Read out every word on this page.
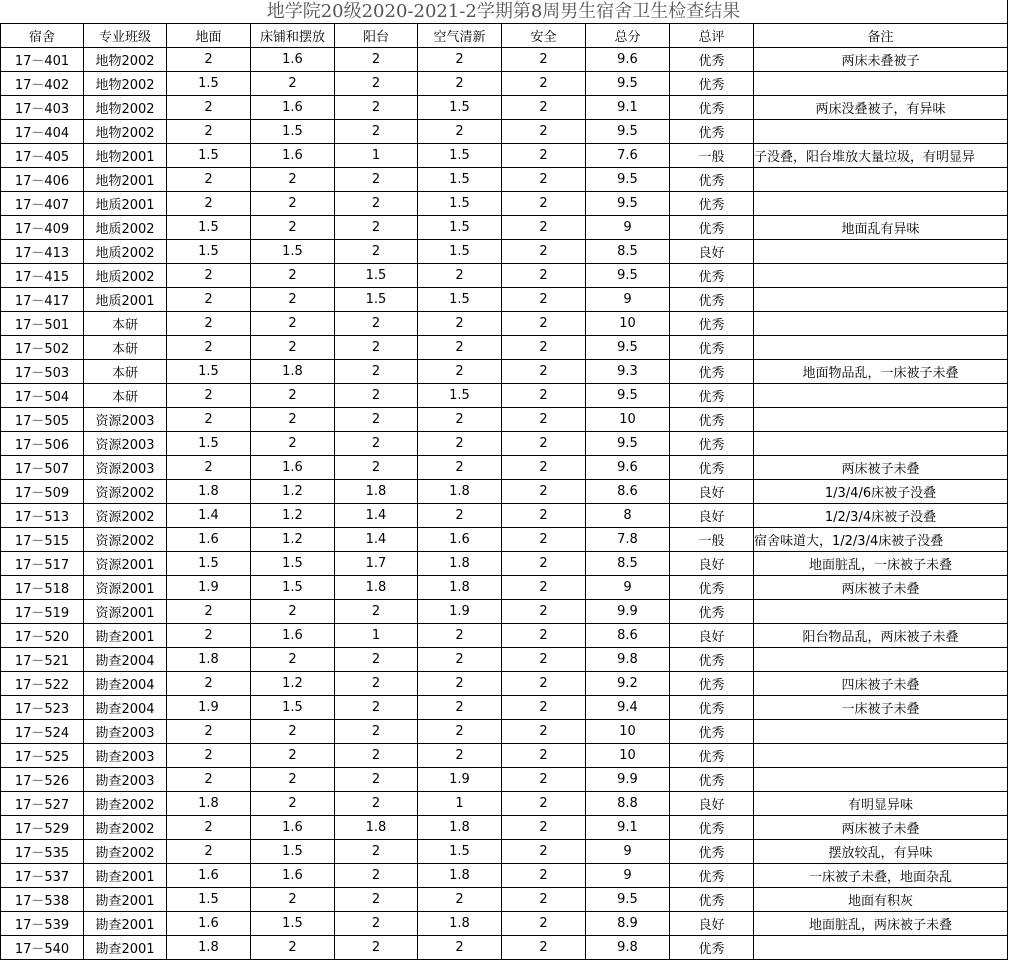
地学院20级2020-2021-2学期第8周男生宿舍卫生检查结果
宿舍	专业班级	地面	床铺和摆放	阳台	空气清新	安全	总分	总评	备注
17－401	地物2002	2	1.6	2	2	2	9.6	优秀	两床未叠被子
17－402	地物2002	1.5	2	2	2	2	9.5	优秀	
17－403	地物2002	2	1.6	2	1.5	2	9.1	优秀	两床没叠被子，有异味
17－404	地物2002	2	1.5	2	2	2	9.5	优秀	
17－405	地物2001	1.5	1.6	1	1.5	2	7.6	一般	子没叠，阳台堆放大量垃圾，有明显异
17－406	地物2001	2	2	2	1.5	2	9.5	优秀	
17－407	地质2001	2	2	2	1.5	2	9.5	优秀	
17－409	地质2002	1.5	2	2	1.5	2	9	优秀	地面乱有异味
17－413	地质2002	1.5	1.5	2	1.5	2	8.5	良好	
17－415	地质2002	2	2	1.5	2	2	9.5	优秀	
17－417	地质2001	2	2	1.5	1.5	2	9	优秀	
17－501	本研	2	2	2	2	2	10	优秀	
17－502	本研	2	2	2	2	2	9.5	优秀	
17－503	本研	1.5	1.8	2	2	2	9.3	优秀	地面物品乱，一床被子未叠
17－504	本研	2	2	2	1.5	2	9.5	优秀	
17－505	资源2003	2	2	2	2	2	10	优秀	
17－506	资源2003	1.5	2	2	2	2	9.5	优秀	
17－507	资源2003	2	1.6	2	2	2	9.6	优秀	两床被子未叠
17－509	资源2002	1.8	1.2	1.8	1.8	2	8.6	良好	1/3/4/6床被子没叠
17－513	资源2002	1.4	1.2	1.4	2	2	8	良好	1/2/3/4床被子没叠
17－515	资源2002	1.6	1.2	1.4	1.6	2	7.8	一般	宿舍味道大，1/2/3/4床被子没叠
17－517	资源2001	1.5	1.5	1.7	1.8	2	8.5	良好	地面脏乱，一床被子未叠
17－518	资源2001	1.9	1.5	1.8	1.8	2	9	优秀	两床被子未叠
17－519	资源2001	2	2	2	1.9	2	9.9	优秀	
17－520	勘查2001	2	1.6	1	2	2	8.6	良好	阳台物品乱，两床被子未叠
17－521	勘查2004	1.8	2	2	2	2	9.8	优秀	
17－522	勘查2004	2	1.2	2	2	2	9.2	优秀	四床被子未叠
17－523	勘查2004	1.9	1.5	2	2	2	9.4	优秀	一床被子未叠
17－524	勘查2003	2	2	2	2	2	10	优秀	
17－525	勘查2003	2	2	2	2	2	10	优秀	
17－526	勘查2003	2	2	2	1.9	2	9.9	优秀	
17－527	勘查2002	1.8	2	2	1	2	8.8	良好	有明显异味
17－529	勘查2002	2	1.6	1.8	1.8	2	9.1	优秀	两床被子未叠
17－535	勘查2002	2	1.5	2	1.5	2	9	优秀	摆放较乱，有异味
17－537	勘查2001	1.6	1.6	2	1.8	2	9	优秀	一床被子未叠，地面杂乱
17－538	勘查2001	1.5	2	2	2	2	9.5	优秀	地面有积灰
17－539	勘查2001	1.6	1.5	2	1.8	2	8.9	良好	地面脏乱，两床被子未叠
17－540	勘查2001	1.8	2	2	2	2	9.8	优秀	
